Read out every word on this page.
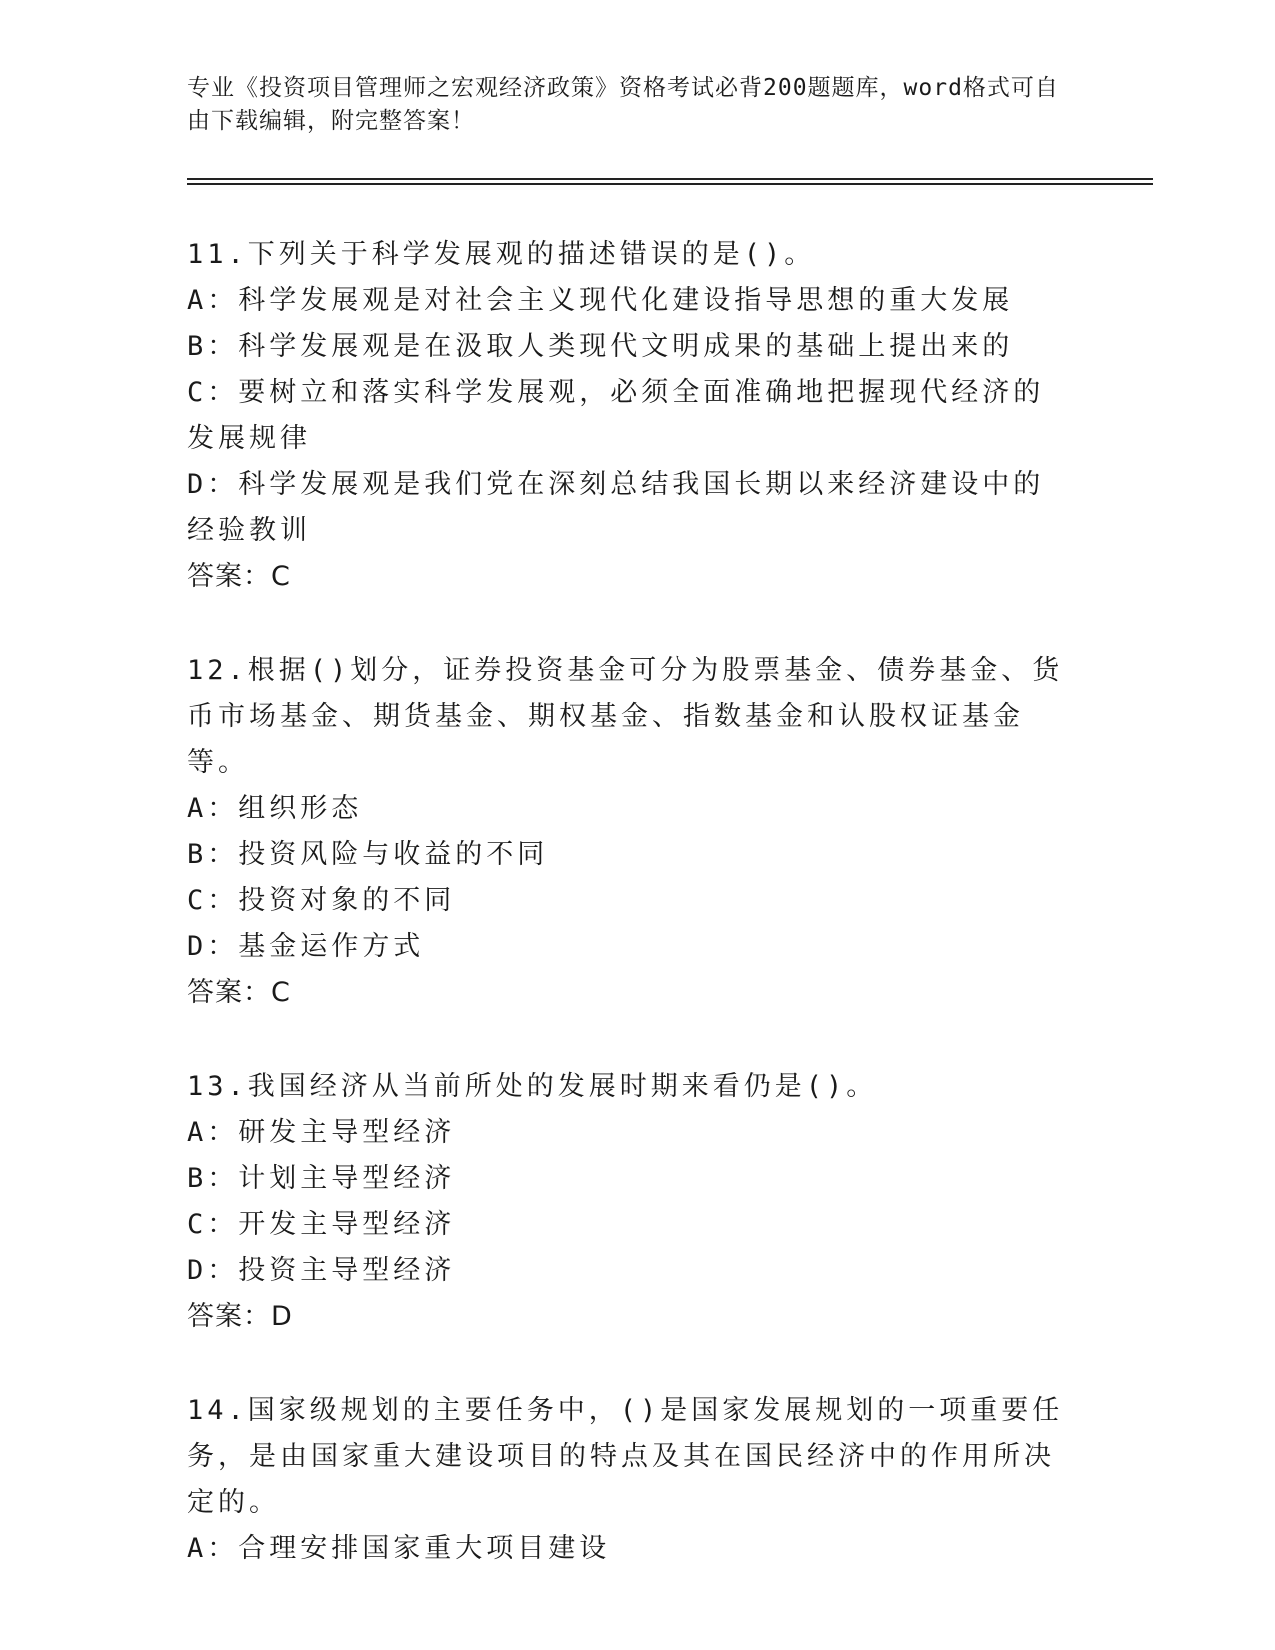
专业《投资项目管理师之宏观经济政策》资格考试必背200题题库，word格式可自由下载编辑，附完整答案！

11.下列关于科学发展观的描述错误的是()。

A：科学发展观是对社会主义现代化建设指导思想的重大发展

B：科学发展观是在汲取人类现代文明成果的基础上提出来的

C：要树立和落实科学发展观，必须全面准确地把握现代经济的发展规律

D：科学发展观是我们党在深刻总结我国长期以来经济建设中的经验教训

答案：C

12.根据()划分，证券投资基金可分为股票基金、债券基金、货币市场基金、期货基金、期权基金、指数基金和认股权证基金等。

A：组织形态

B：投资风险与收益的不同

C：投资对象的不同

D：基金运作方式

答案：C

13.我国经济从当前所处的发展时期来看仍是()。

A：研发主导型经济

B：计划主导型经济

C：开发主导型经济

D：投资主导型经济

答案：D

14.国家级规划的主要任务中，()是国家发展规划的一项重要任务，是由国家重大建设项目的特点及其在国民经济中的作用所决定的。

A：合理安排国家重大项目建设
